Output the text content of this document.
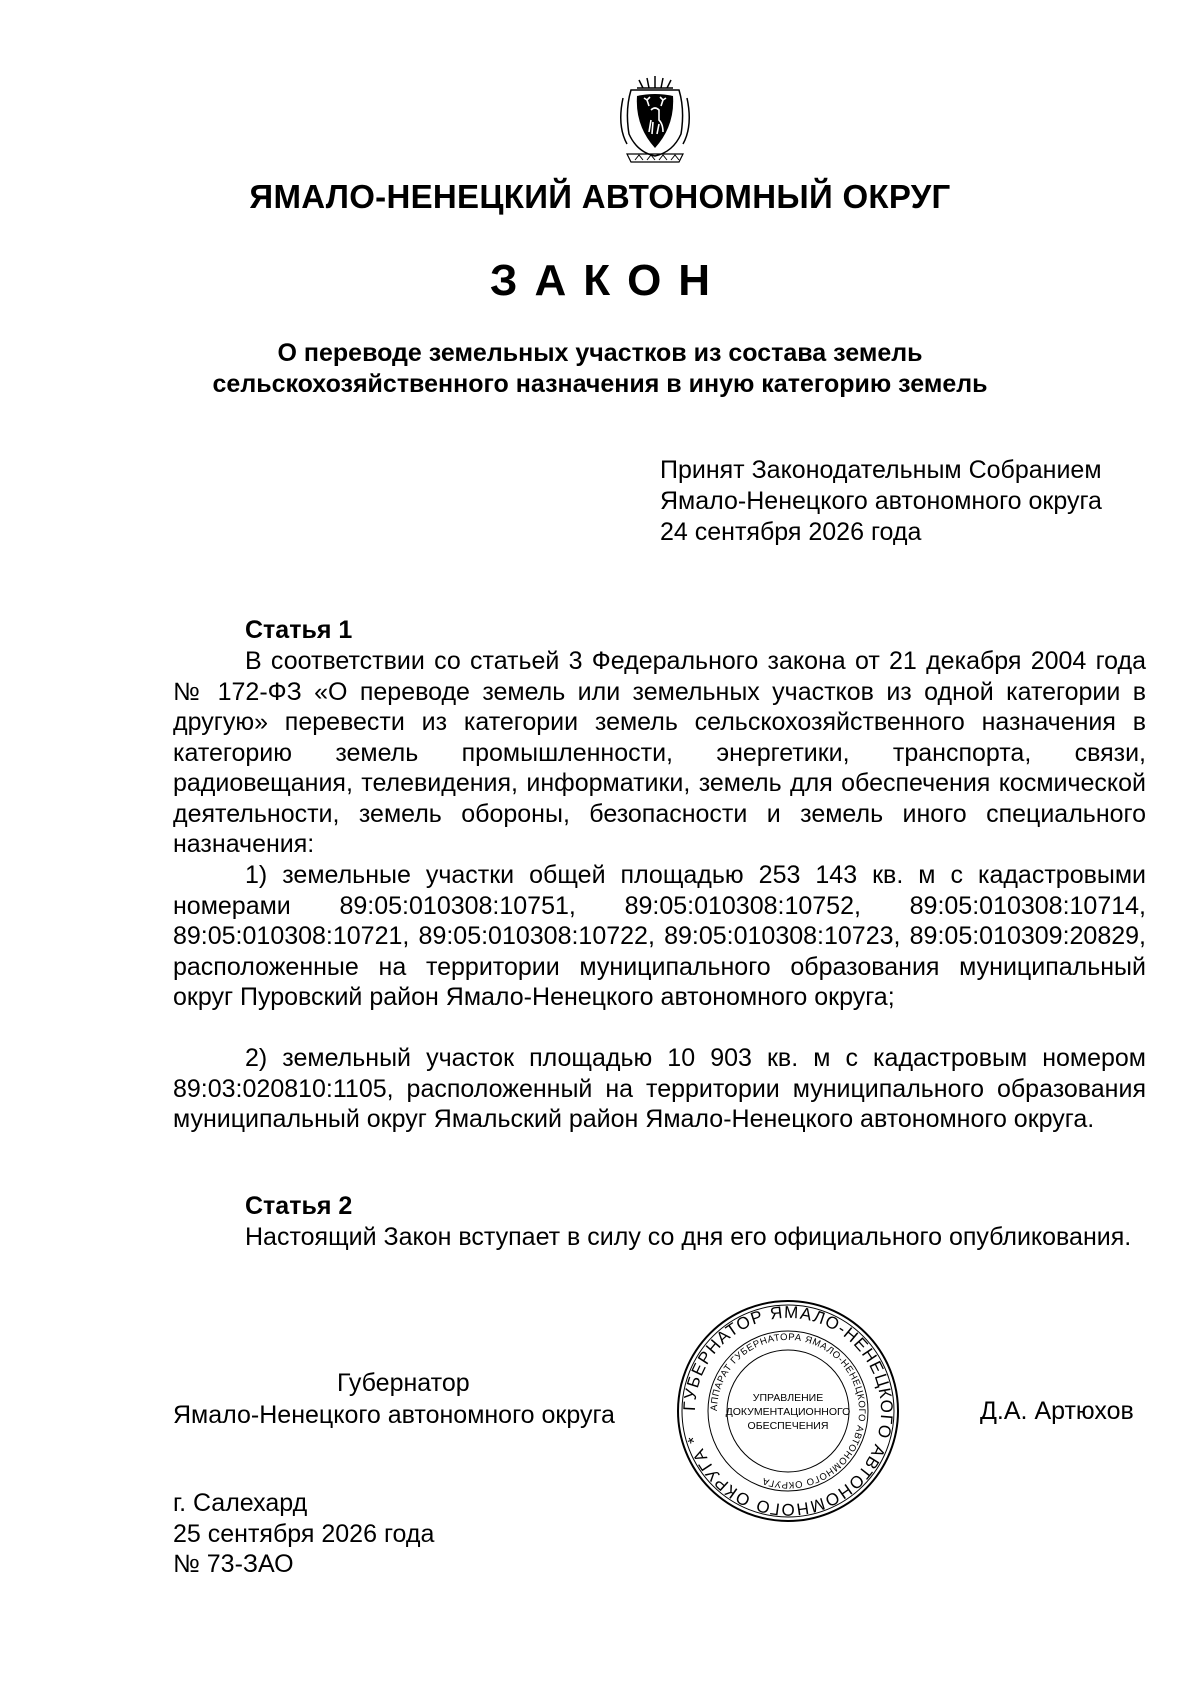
ЯМАЛО-НЕНЕЦКИЙ АВТОНОМНЫЙ ОКРУГ
ЗАКОН
О переводе земельных участков из состава земель
сельскохозяйственного назначения в иную категорию земель
Принят Законодательным Собранием
Ямало-Ненецкого автономного округа
24 сентября 2026 года
Статья 1
В соответствии со статьей 3 Федерального закона от 21 декабря 2004 года № 172-ФЗ «О переводе земель или земельных участков из одной категории в другую» перевести из категории земель сельскохозяйственного назначения в категорию земель промышленности, энергетики, транспорта, связи, радиовещания, телевидения, информатики, земель для обеспечения космической деятельности, земель обороны, безопасности и земель иного специального назначения:
1) земельные участки общей площадью 253 143 кв. м с кадастровыми номерами 89:05:010308:10751, 89:05:010308:10752, 89:05:010308:10714, 89:05:010308:10721, 89:05:010308:10722, 89:05:010308:10723, 89:05:010309:20829, расположенные на территории муниципального образования муниципальный округ Пуровский район Ямало-Ненецкого автономного округа;
2) земельный участок площадью 10 903 кв. м с кадастровым номером 89:03:020810:1105, расположенный на территории муниципального образования муниципальный округ Ямальский район Ямало-Ненецкого автономного округа.
Статья 2
Настоящий Закон вступает в силу со дня его официального опубликования.
Губернатор
Ямало-Ненецкого автономного округа	Д.А. Артюхов
ГУБЕРНАТОР ЯМАЛО-НЕНЕЦКОГО АВТОНОМНОГО ОКРУГА *
АППАРАТ ГУБЕРНАТОРА ЯМАЛО-НЕНЕЦКОГО АВТОНОМНОГО ОКРУГА
УПРАВЛЕНИЕ
ДОКУМЕНТАЦИОННОГО
ОБЕСПЕЧЕНИЯ
г. Салехард
25 сентября 2026 года
№ 73-ЗАО
